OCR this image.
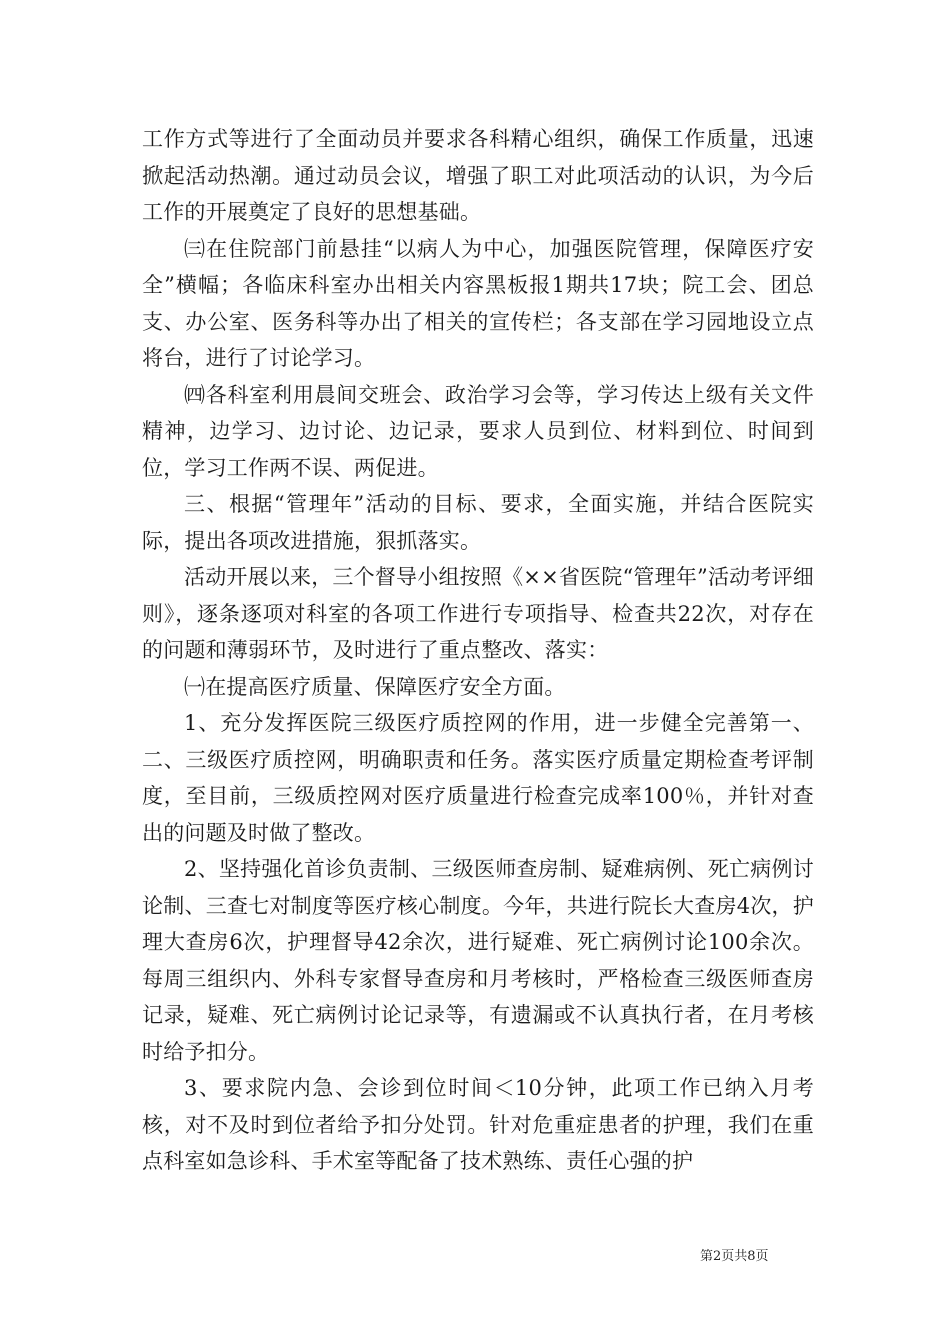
工作方式等进行了全面动员并要求各科精心组织，确保工作质量，迅速掀起活动热潮。通过动员会议，增强了职工对此项活动的认识，为今后工作的开展奠定了良好的思想基础。

㈢在住院部门前悬挂“以病人为中心，加强医院管理，保障医疗安全”横幅；各临床科室办出相关内容黑板报1期共17块；院工会、团总支、办公室、医务科等办出了相关的宣传栏；各支部在学习园地设立点将台，进行了讨论学习。

㈣各科室利用晨间交班会、政治学习会等，学习传达上级有关文件精神，边学习、边讨论、边记录，要求人员到位、材料到位、时间到位，学习工作两不误、两促进。

三、根据“管理年”活动的目标、要求，全面实施，并结合医院实际，提出各项改进措施，狠抓落实。

活动开展以来，三个督导小组按照《××省医院“管理年”活动考评细则》，逐条逐项对科室的各项工作进行专项指导、检查共22次，对存在的问题和薄弱环节，及时进行了重点整改、落实：

㈠在提高医疗质量、保障医疗安全方面。

1、充分发挥医院三级医疗质控网的作用，进一步健全完善第一、二、三级医疗质控网，明确职责和任务。落实医疗质量定期检查考评制度，至目前，三级质控网对医疗质量进行检查完成率100％，并针对查出的问题及时做了整改。

2、坚持强化首诊负责制、三级医师查房制、疑难病例、死亡病例讨论制、三查七对制度等医疗核心制度。今年，共进行院长大查房4次，护理大查房6次，护理督导42余次，进行疑难、死亡病例讨论100余次。每周三组织内、外科专家督导查房和月考核时，严格检查三级医师查房记录，疑难、死亡病例讨论记录等，有遗漏或不认真执行者，在月考核时给予扣分。

3、要求院内急、会诊到位时间＜10分钟，此项工作已纳入月考核，对不及时到位者给予扣分处罚。针对危重症患者的护理，我们在重点科室如急诊科、手术室等配备了技术熟练、责任心强的护

第2页共8页
